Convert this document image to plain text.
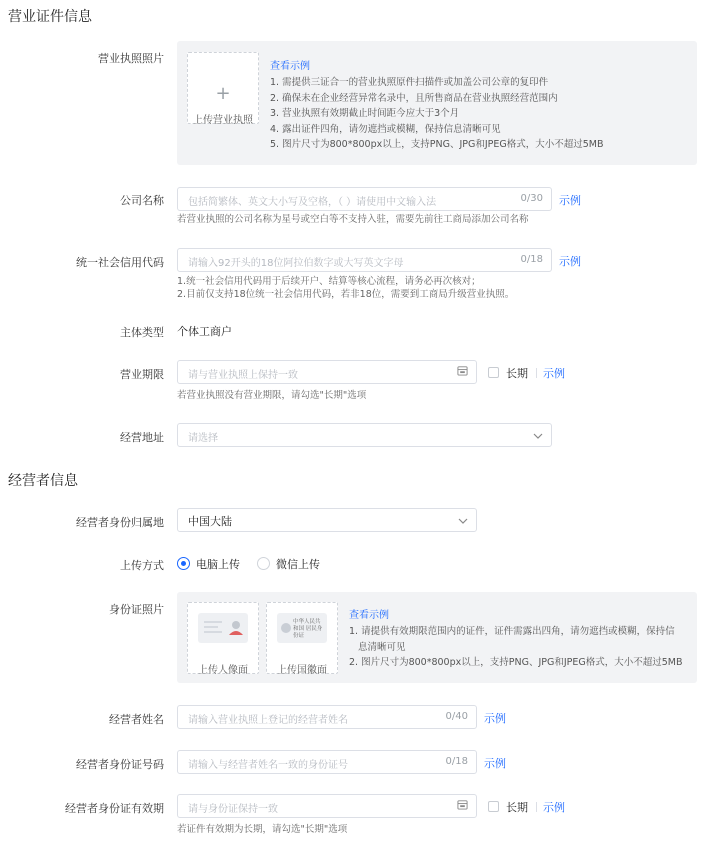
营业证件信息
营业执照照片
+
上传营业执照
查看示例
1. 需提供三证合一的营业执照原件扫描件或加盖公司公章的复印件
2. 确保未在企业经营异常名录中，且所售商品在营业执照经营范围内
3. 营业执照有效期截止时间距今应大于3个月
4. 露出证件四角，请勿遮挡或模糊，保持信息清晰可见
5. 图片尺寸为800*800px以上，支持PNG、JPG和JPEG格式，大小不超过5MB
公司名称 包括简繁体、英文大小写及空格，（ ）请使用中文输入法	0/30 示例
若营业执照的公司名称为星号或空白等不支持入驻，需要先前往工商局添加公司名称
统一社会信用代码 请输入92开头的18位阿拉伯数字或大写英文字母	0/18 示例
1.统一社会信用代码用于后续开户、结算等核心流程，请务必再次核对；
2.目前仅支持18位统一社会信用代码，若非18位，需要到工商局升级营业执照。
主体类型 个体工商户
营业期限 请与营业执照上保持一致	长期 示例
若营业执照没有营业期限，请勾选"长期"选项
经营地址 请选择
经营者信息
经营者身份归属地 中国大陆
上传方式	电脑上传	微信上传
身份证照片
上传人像面
中华人民共和国 居民身份证
上传国徽面
查看示例
1. 请提供有效期限范围内的证件，证件需露出四角，请勿遮挡或模糊，保持信
息清晰可见
2. 图片尺寸为800*800px以上，支持PNG、JPG和JPEG格式，大小不超过5MB
经营者姓名 请输入营业执照上登记的经营者姓名	0/40 示例
经营者身份证号码 请输入与经营者姓名一致的身份证号	0/18 示例
经营者身份证有效期 请与身份证保持一致	长期 示例
若证件有效期为长期，请勾选"长期"选项
